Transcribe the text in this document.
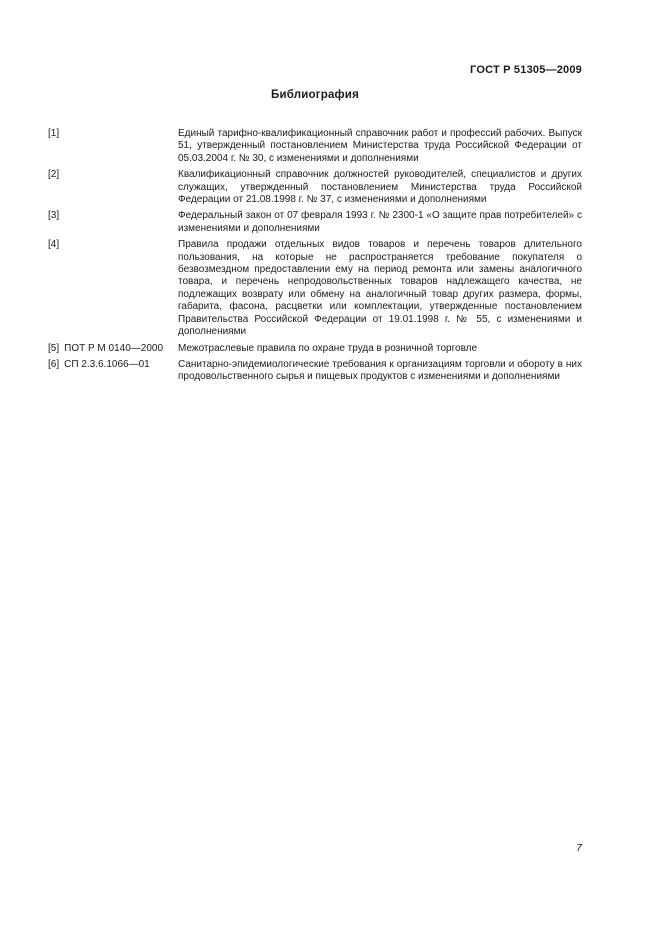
ГОСТ Р 51305—2009
Библиография
[1]	Единый тарифно-квалификационный справочник работ и профессий рабочих. Выпуск 51, утвержденный постановлением Министерства труда Российской Федерации от 05.03.2004 г. № 30, с изменениями и дополнениями
[2]	Квалификационный справочник должностей руководителей, специалистов и других служащих, утвержденный постановлением Министерства труда Российской Федерации от 21.08.1998 г. № 37, с изменениями и дополнениями
[3]	Федеральный закон от 07 февраля 1993 г. № 2300-1 «О защите прав потребителей» с изменениями и дополнениями
[4]	Правила продажи отдельных видов товаров и перечень товаров длительного пользования, на которые не распространяется требование покупателя о безвозмездном предоставлении ему на период ремонта или замены аналогичного товара, и перечень непродовольственных товаров надлежащего качества, не подлежащих возврату или обмену на аналогичный товар других размера, формы, габарита, фасона, расцветки или комплектации, утвержденные постановлением Правительства Российской Федерации от 19.01.1998 г. № 55, с изменениями и дополнениями
[5] ПОТ Р М 0140—2000	Межотраслевые правила по охране труда в розничной торговле
[6] СП 2.3.6.1066—01	Санитарно-эпидемиологические требования к организациям торговли и обороту в них продовольственного сырья и пищевых продуктов с изменениями и дополнениями
7
